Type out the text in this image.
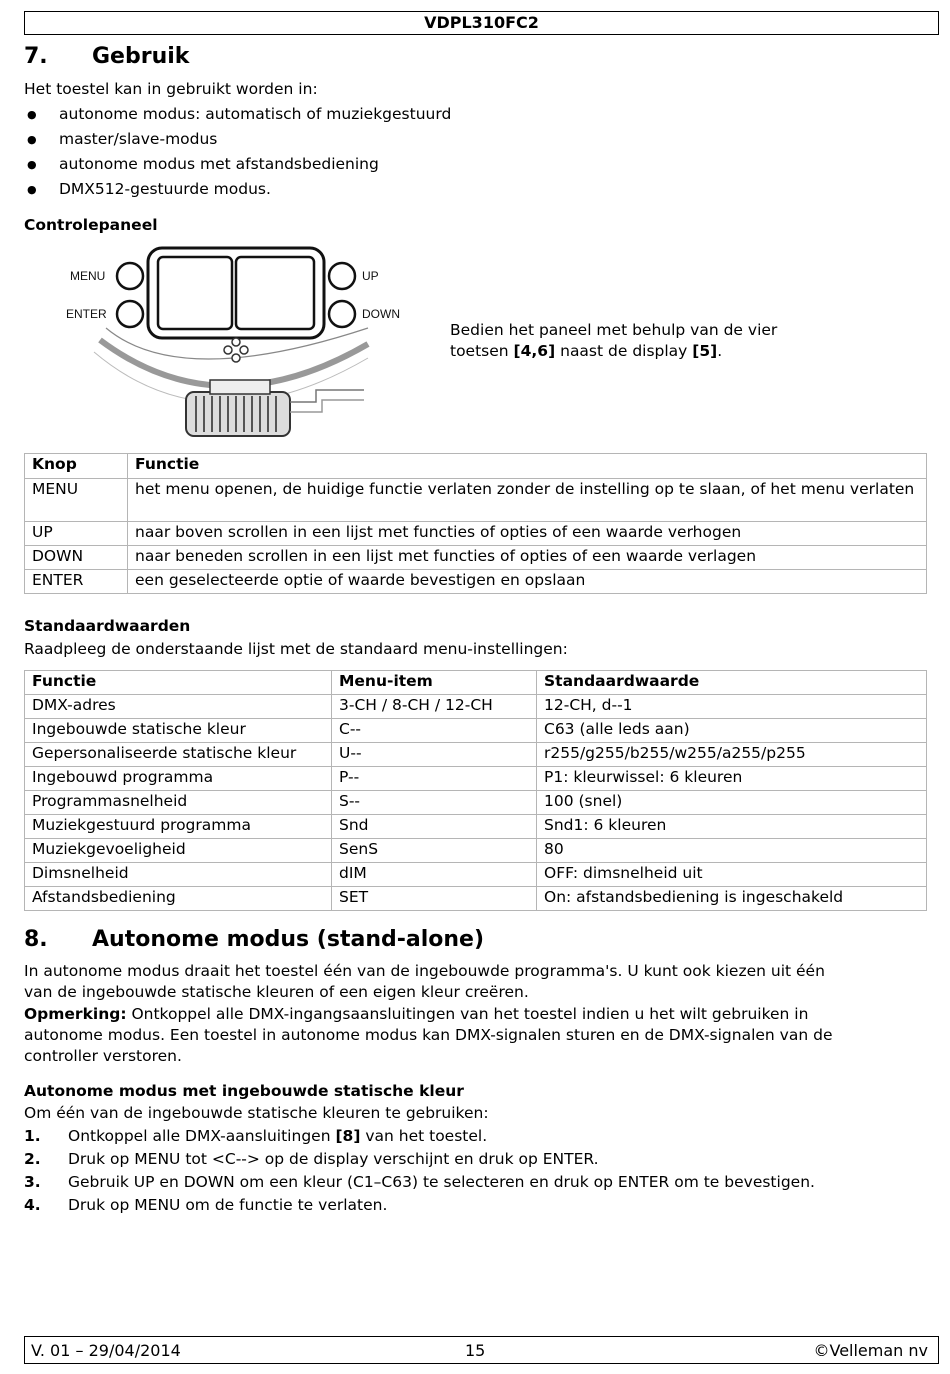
VDPL310FC2
7. Gebruik
Het toestel kan in gebruikt worden in:
● autonome modus: automatisch of muziekgestuurd
● master/slave-modus
● autonome modus met afstandsbediening
● DMX512-gestuurde modus.
Controlepaneel
MENU
ENTER
UP
DOWN
Bedien het paneel met behulp van de vier
toetsen [4,6] naast de display [5].
Knop	Functie
MENU	het menu openen, de huidige functie verlaten zonder de instelling op te slaan, of het menu verlaten
UP	naar boven scrollen in een lijst met functies of opties of een waarde verhogen
DOWN	naar beneden scrollen in een lijst met functies of opties of een waarde verlagen
ENTER	een geselecteerde optie of waarde bevestigen en opslaan
Standaardwaarden
Raadpleeg de onderstaande lijst met de standaard menu-instellingen:
Functie	Menu-item	Standaardwaarde
DMX-adres	3-CH / 8-CH / 12-CH	12-CH, d--1
Ingebouwde statische kleur	C--	C63 (alle leds aan)
Gepersonaliseerde statische kleur	U--	r255/g255/b255/w255/a255/p255
Ingebouwd programma	P--	P1: kleurwissel: 6 kleuren
Programmasnelheid	S--	100 (snel)
Muziekgestuurd programma	Snd	Snd1: 6 kleuren
Muziekgevoeligheid	SenS	80
Dimsnelheid	dIM	OFF: dimsnelheid uit
Afstandsbediening	SET	On: afstandsbediening is ingeschakeld
8. Autonome modus (stand-alone)
In autonome modus draait het toestel één van de ingebouwde programma's. U kunt ook kiezen uit één
van de ingebouwde statische kleuren of een eigen kleur creëren.
Opmerking: Ontkoppel alle DMX-ingangsaansluitingen van het toestel indien u het wilt gebruiken in
autonome modus. Een toestel in autonome modus kan DMX-signalen sturen en de DMX-signalen van de
controller verstoren.
Autonome modus met ingebouwde statische kleur
Om één van de ingebouwde statische kleuren te gebruiken:
1. Ontkoppel alle DMX-aansluitingen [8] van het toestel.
2. Druk op MENU tot <C--> op de display verschijnt en druk op ENTER.
3. Gebruik UP en DOWN om een kleur (C1–C63) te selecteren en druk op ENTER om te bevestigen.
4. Druk op MENU om de functie te verlaten.
V. 01 – 29/04/2014	15	©Velleman nv
